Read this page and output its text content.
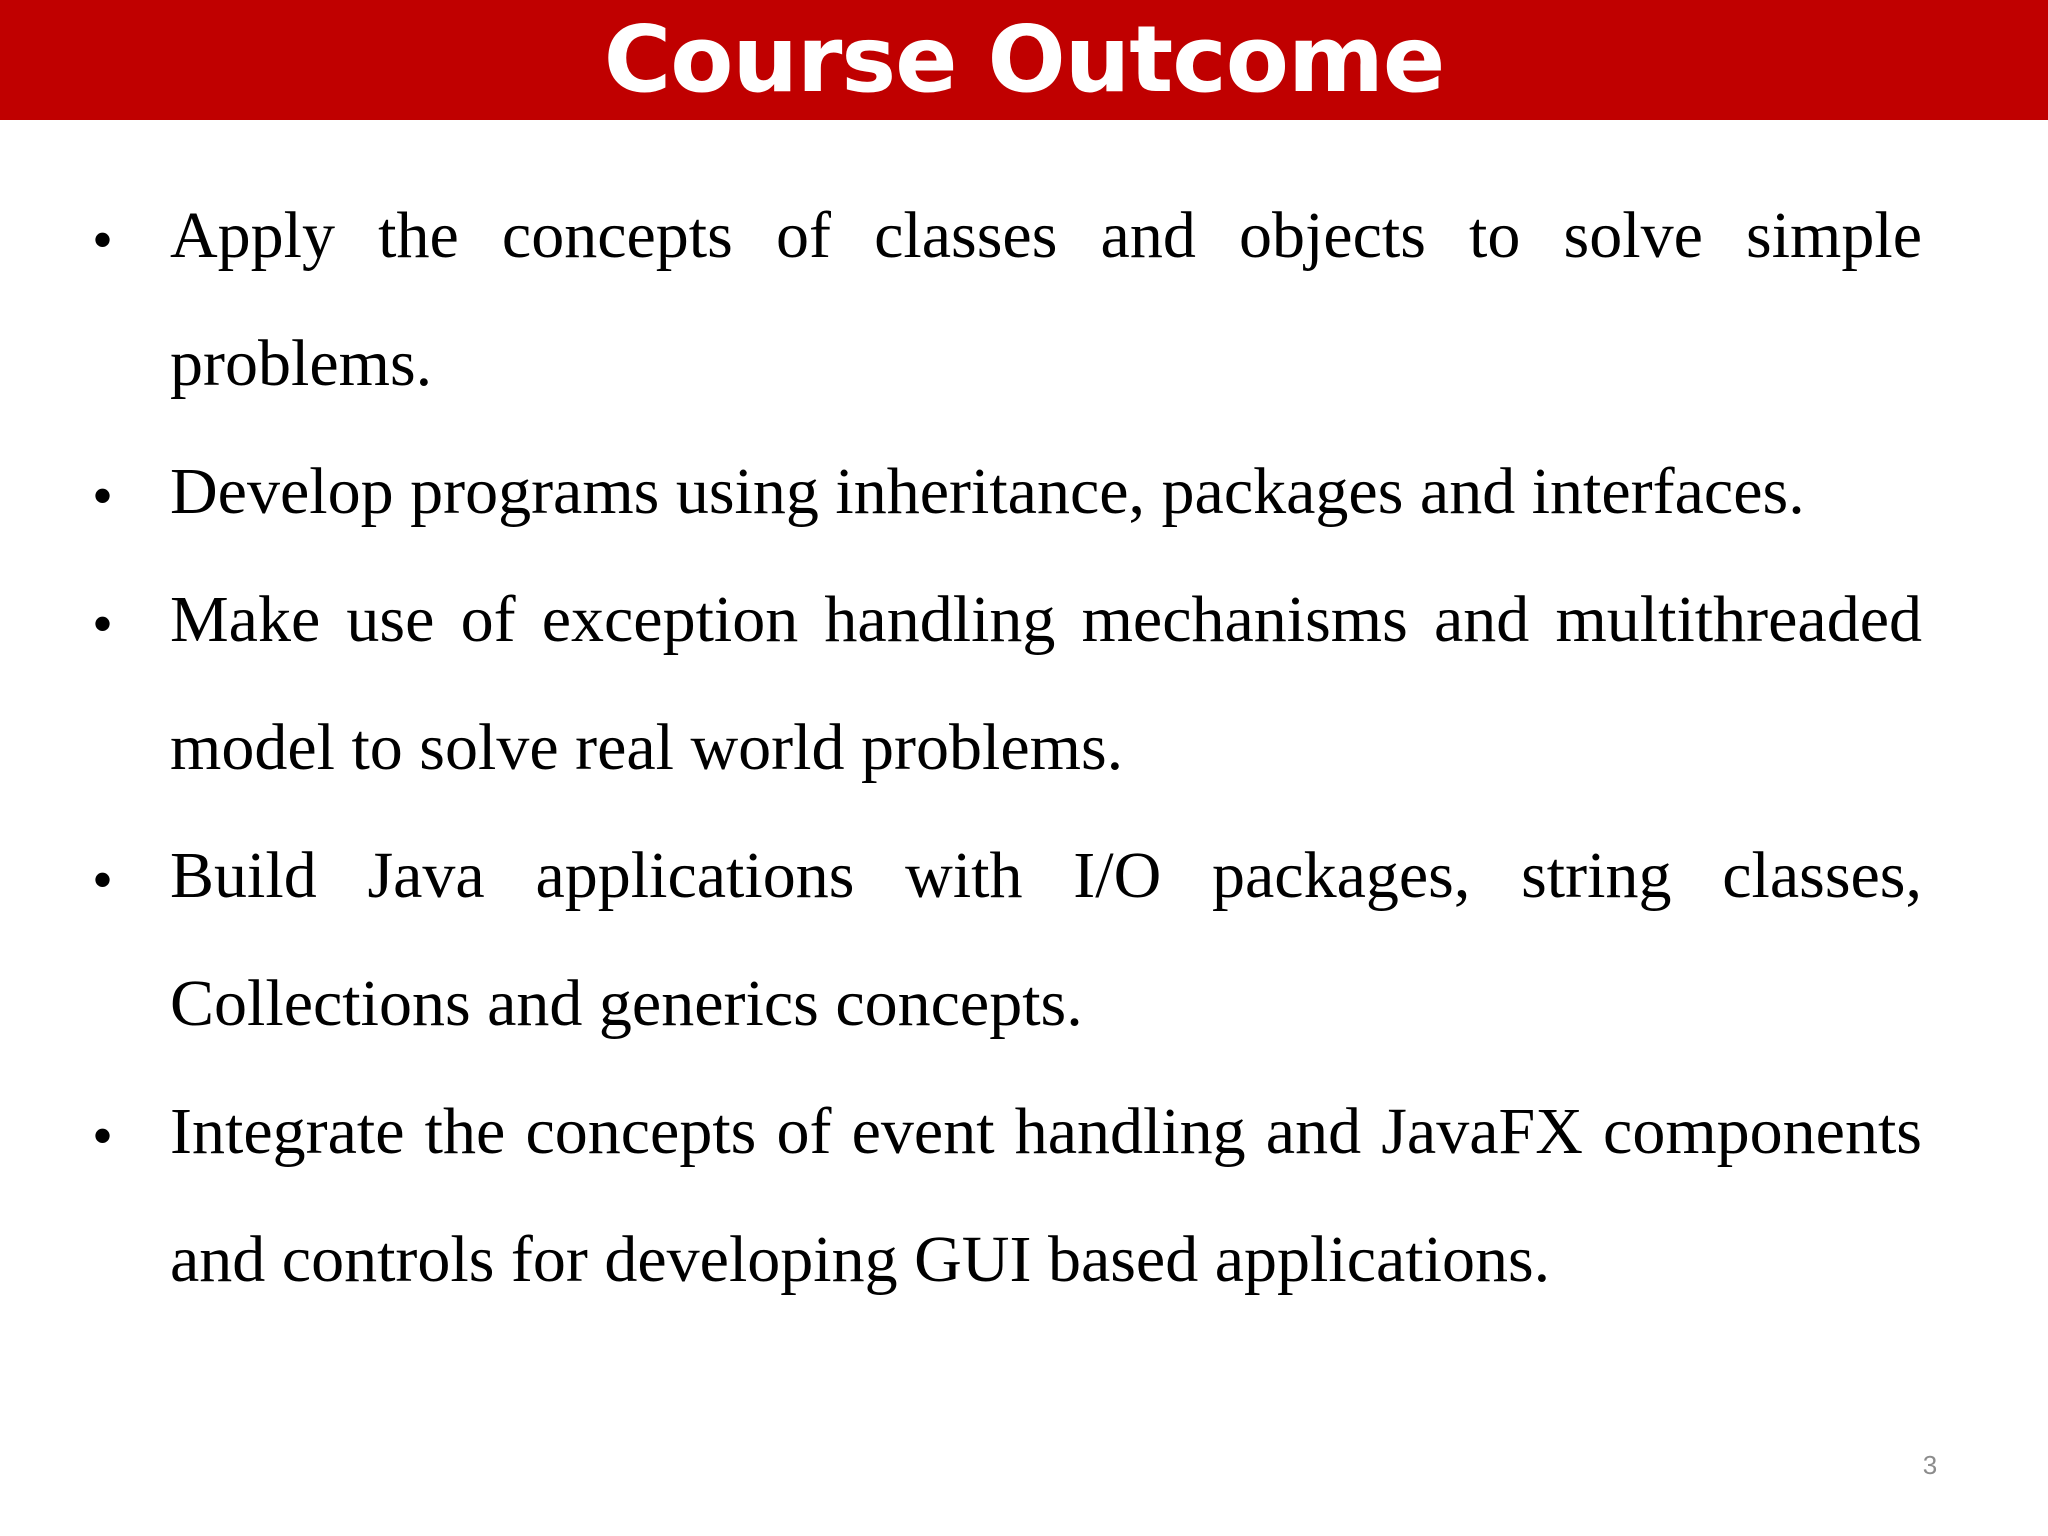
Course Outcome
• Apply the concepts of classes and objects to solve simple problems.
• Develop programs using inheritance, packages and interfaces.
• Make use of exception handling mechanisms and multithreaded model to solve real world problems.
• Build Java applications with I/O packages, string classes, Collections and generics concepts.
• Integrate the concepts of event handling and JavaFX components and controls for developing GUI based applications.
3
